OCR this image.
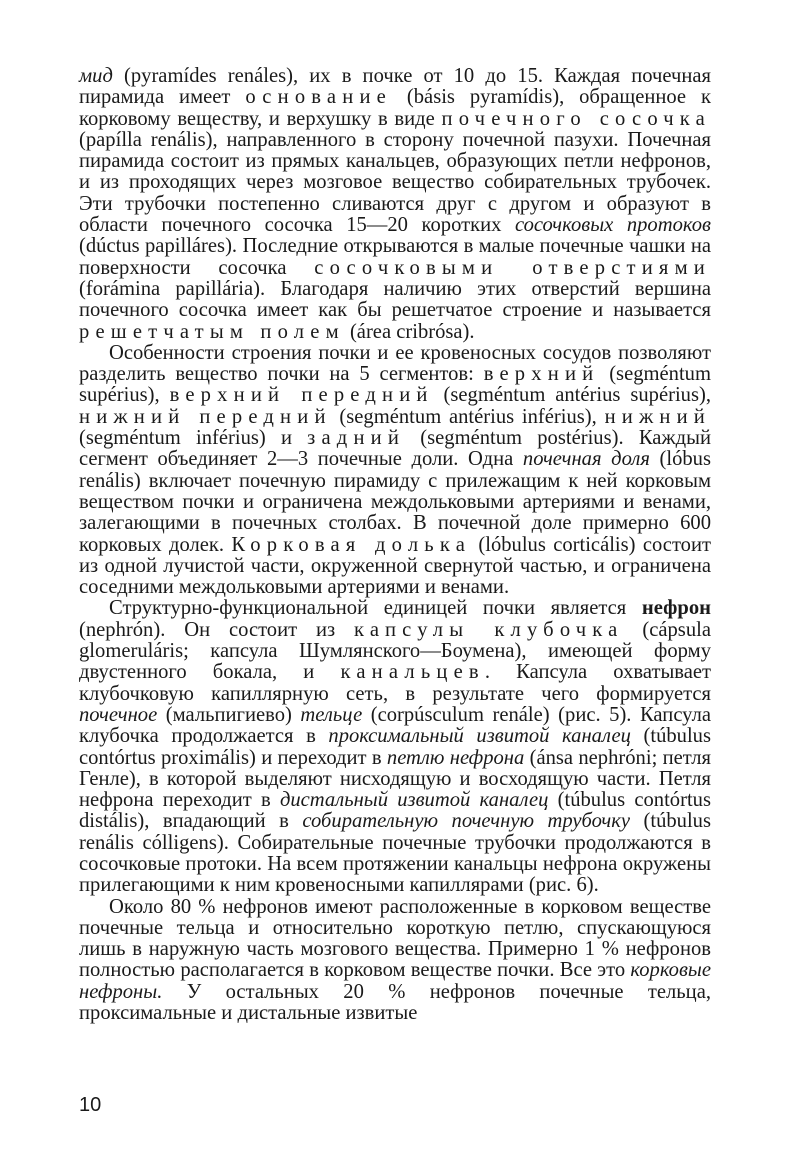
мид (pyramídes renáles), их в почке от 10 до 15. Каждая почечная пирамида имеет основание (básis pyramídis), обращенное к корковому веществу, и верхушку в виде почечного сосочка (papílla renális), направленного в сторону почечной пазухи. Почечная пирамида состоит из прямых канальцев, образующих петли нефронов, и из проходящих через мозговое вещество собирательных трубочек. Эти трубочки постепенно сливаются друг с другом и образуют в области почечного сосочка 15—20 коротких сосочковых протоков (dúctus papilláres). Последние открываются в малые почечные чашки на поверхности сосочка сосочковыми отверстиями (forámina papillária). Благодаря наличию этих отверстий вершина почечного сосочка имеет как бы решетчатое строение и называется решетчатым полем (área cribrósa).

Особенности строения почки и ее кровеносных сосудов позволяют разделить вещество почки на 5 сегментов: верхний (segméntum supérius), верхний передний (segméntum antérius supérius), нижний передний (segméntum antérius inférius), нижний (segméntum inférius) и задний (segméntum postérius). Каждый сегмент объединяет 2—3 почечные доли. Одна почечная доля (lóbus renális) включает почечную пирамиду с прилежащим к ней корковым веществом почки и ограничена междольковыми артериями и венами, залегающими в почечных столбах. В почечной доле примерно 600 корковых долек. Корковая долька (lóbulus corticális) состоит из одной лучистой части, окруженной свернутой частью, и ограничена соседними междольковыми артериями и венами.

Структурно-функциональной единицей почки является нефрон (nephrón). Он состоит из капсулы клубочка (cápsula glomeruláris; капсула Шумлянского—Боумена), имеющей форму двустенного бокала, и канальцев. Капсула охватывает клубочковую капиллярную сеть, в результате чего формируется почечное (мальпигиево) тельце (corpúsculum renále) (рис. 5). Капсула клубочка продолжается в проксимальный извитой каналец (túbulus contórtus proximális) и переходит в петлю нефрона (ánsa nephróni; петля Генле), в которой выделяют нисходящую и восходящую части. Петля нефрона переходит в дистальный извитой каналец (túbulus contórtus distális), впадающий в собирательную почечную трубочку (túbulus renális cólligens). Собирательные почечные трубочки продолжаются в сосочковые протоки. На всем протяжении канальцы нефрона окружены прилегающими к ним кровеносными капиллярами (рис. 6).

Около 80 % нефронов имеют расположенные в корковом веществе почечные тельца и относительно короткую петлю, спускающуюся лишь в наружную часть мозгового вещества. Примерно 1 % нефронов полностью располагается в корковом веществе почки. Все это корковые нефроны. У остальных 20 % нефронов почечные тельца, проксимальные и дистальные извитые

10
